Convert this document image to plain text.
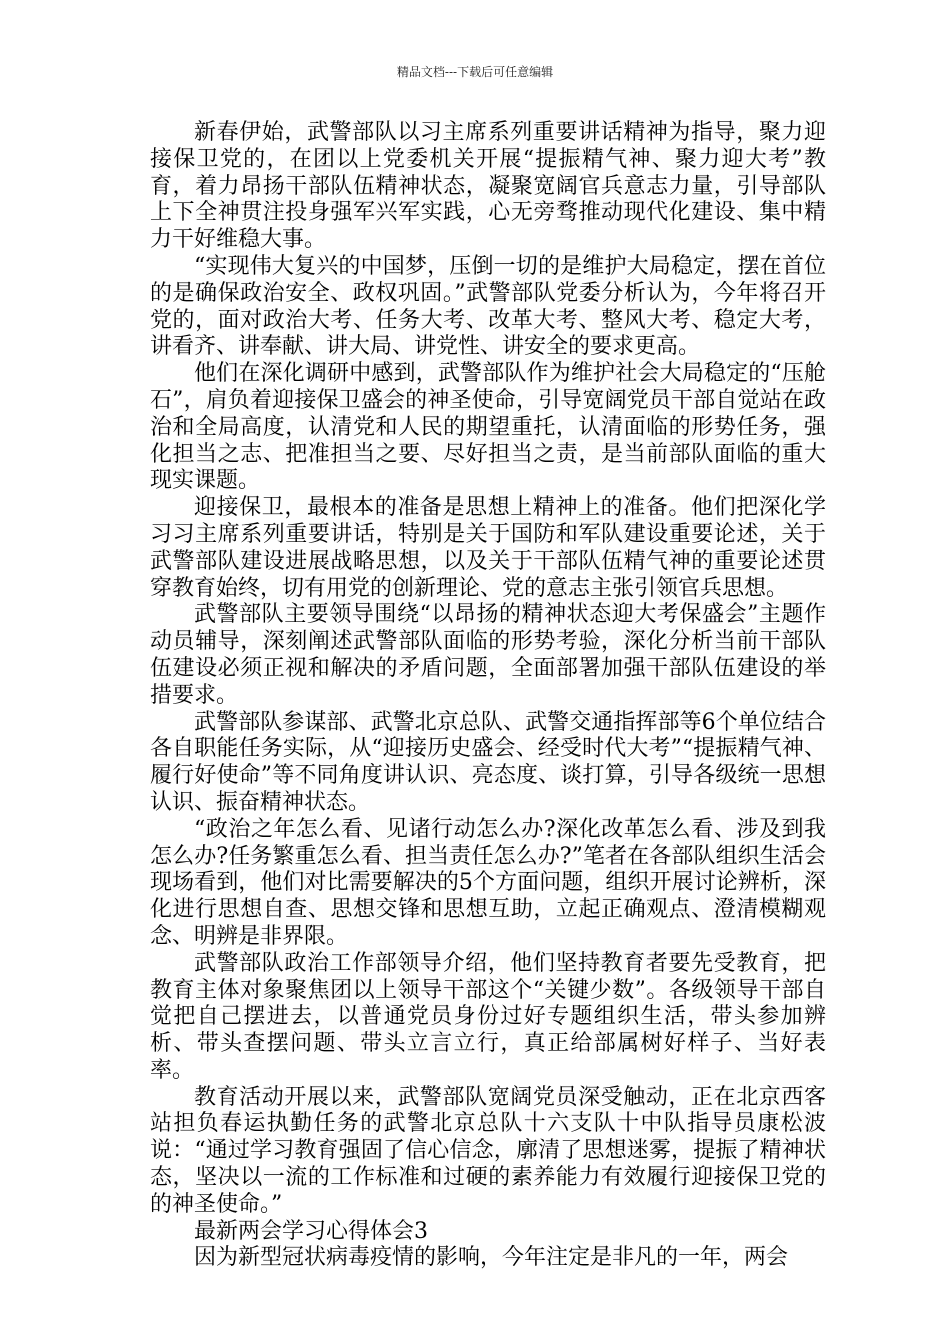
精品文档---下载后可任意编辑

新春伊始，武警部队以习主席系列重要讲话精神为指导，聚力迎接保卫党的，在团以上党委机关开展“提振精气神、聚力迎大考”教育，着力昂扬干部队伍精神状态，凝聚宽阔官兵意志力量，引导部队上下全神贯注投身强军兴军实践，心无旁骛推动现代化建设、集中精力干好维稳大事。

“实现伟大复兴的中国梦，压倒一切的是维护大局稳定，摆在首位的是确保政治安全、政权巩固。”武警部队党委分析认为，今年将召开党的，面对政治大考、任务大考、改革大考、整风大考、稳定大考，讲看齐、讲奉献、讲大局、讲党性、讲安全的要求更高。

他们在深化调研中感到，武警部队作为维护社会大局稳定的“压舱石”，肩负着迎接保卫盛会的神圣使命，引导宽阔党员干部自觉站在政治和全局高度，认清党和人民的期望重托，认清面临的形势任务，强化担当之志、把准担当之要、尽好担当之责，是当前部队面临的重大现实课题。

迎接保卫，最根本的准备是思想上精神上的准备。他们把深化学习习主席系列重要讲话，特别是关于国防和军队建设重要论述，关于武警部队建设进展战略思想，以及关于干部队伍精气神的重要论述贯穿教育始终，切有用党的创新理论、党的意志主张引领官兵思想。

武警部队主要领导围绕“以昂扬的精神状态迎大考保盛会”主题作动员辅导，深刻阐述武警部队面临的形势考验，深化分析当前干部队伍建设必须正视和解决的矛盾问题，全面部署加强干部队伍建设的举措要求。

武警部队参谋部、武警北京总队、武警交通指挥部等6个单位结合各自职能任务实际，从“迎接历史盛会、经受时代大考”“提振精气神、履行好使命”等不同角度讲认识、亮态度、谈打算，引导各级统一思想认识、振奋精神状态。

“政治之年怎么看、见诸行动怎么办?深化改革怎么看、涉及到我怎么办?任务繁重怎么看、担当责任怎么办?”笔者在各部队组织生活会现场看到，他们对比需要解决的5个方面问题，组织开展讨论辨析，深化进行思想自查、思想交锋和思想互助，立起正确观点、澄清模糊观念、明辨是非界限。

武警部队政治工作部领导介绍，他们坚持教育者要先受教育，把教育主体对象聚焦团以上领导干部这个“关键少数”。各级领导干部自觉把自己摆进去，以普通党员身份过好专题组织生活，带头参加辨析、带头查摆问题、带头立言立行，真正给部属树好样子、当好表率。

教育活动开展以来，武警部队宽阔党员深受触动，正在北京西客站担负春运执勤任务的武警北京总队十六支队十中队指导员康松波说：“通过学习教育强固了信心信念，廓清了思想迷雾，提振了精神状态，坚决以一流的工作标准和过硬的素养能力有效履行迎接保卫党的的神圣使命。”

最新两会学习心得体会3

因为新型冠状病毒疫情的影响，今年注定是非凡的一年，两会
